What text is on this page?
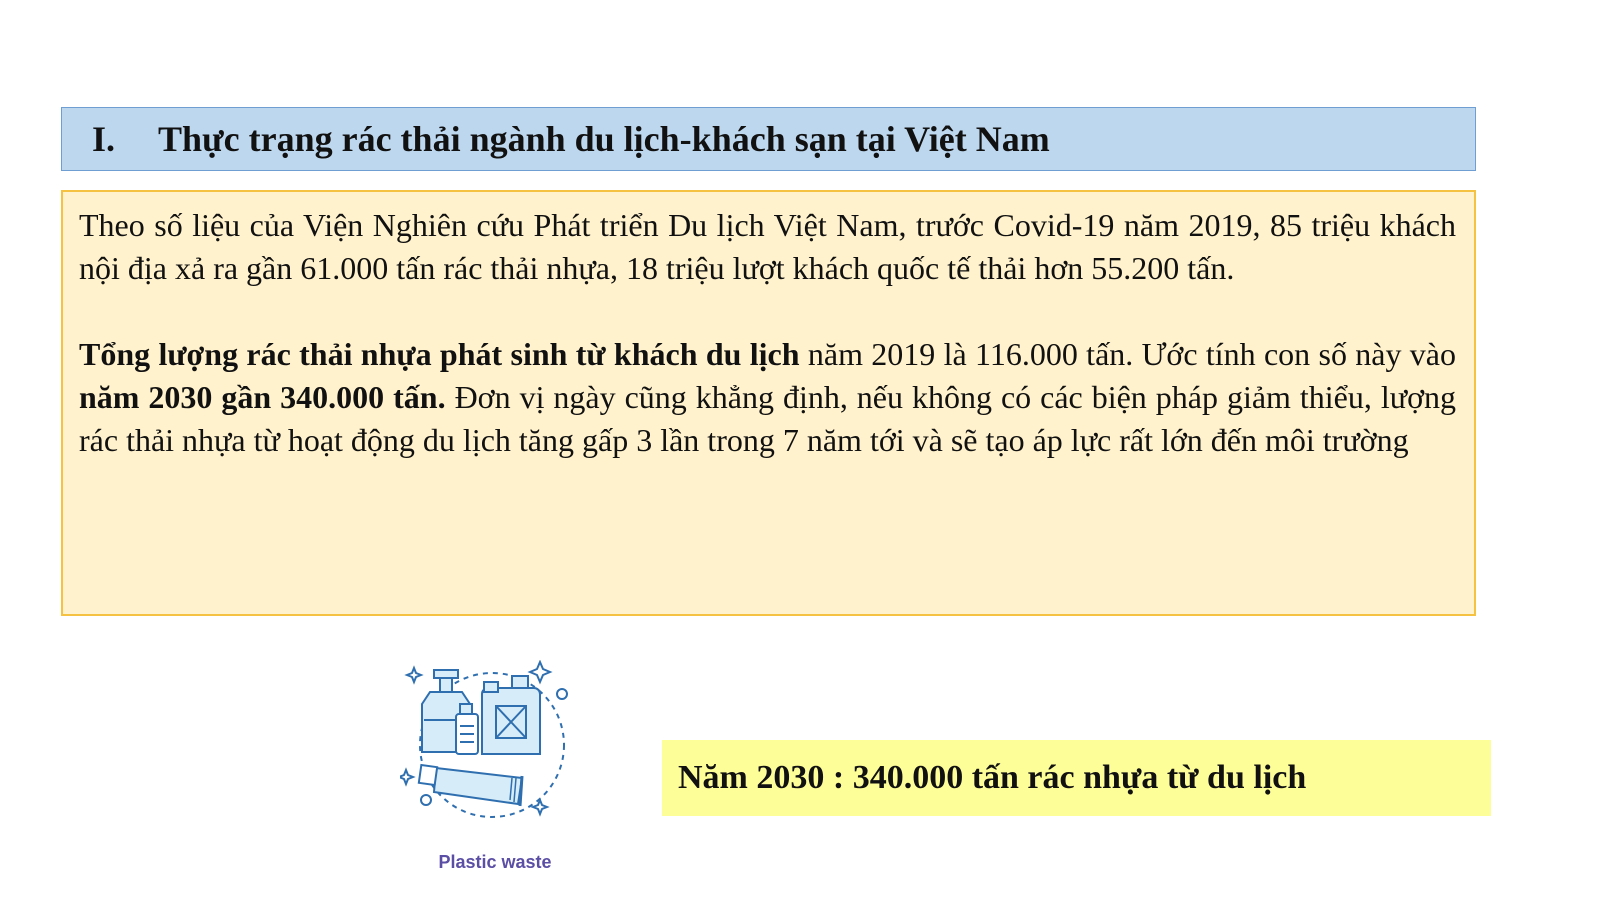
I.	Thực trạng rác thải ngành du lịch-khách sạn tại Việt Nam

Theo số liệu của Viện Nghiên cứu Phát triển Du lịch Việt Nam, trước Covid-19 năm 2019, 85 triệu khách nội địa xả ra gần 61.000 tấn rác thải nhựa, 18 triệu lượt khách quốc tế thải hơn 55.200 tấn.

Tổng lượng rác thải nhựa phát sinh từ khách du lịch năm 2019 là 116.000 tấn. Ước tính con số này vào năm 2030 gần 340.000 tấn. Đơn vị ngày cũng khẳng định, nếu không có các biện pháp giảm thiểu, lượng rác thải nhựa từ hoạt động du lịch tăng gấp 3 lần trong 7 năm tới và sẽ tạo áp lực rất lớn đến môi trường

Plastic waste
Năm 2030 : 340.000 tấn rác nhựa từ du lịch
